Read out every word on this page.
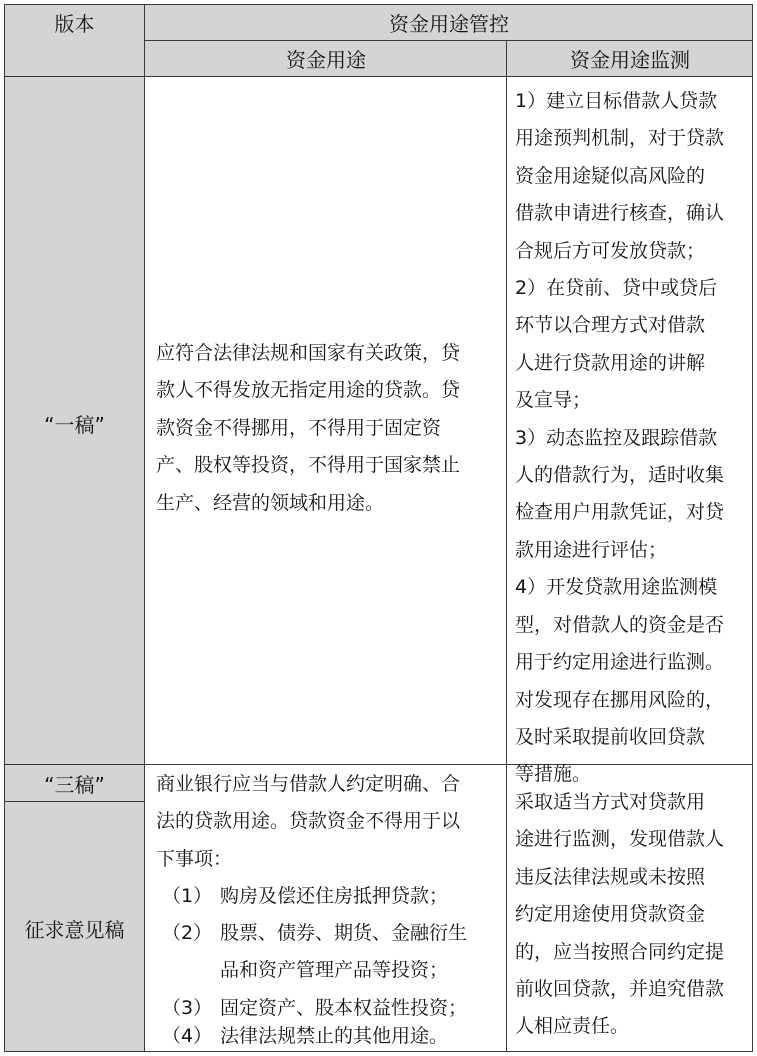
版本	资金用途管控
资金用途	资金用途监测
“一稿”
“三稿”
征求意见稿
应符合法律法规和国家有关政策，贷
款人不得发放无指定用途的贷款。贷
款资金不得挪用，不得用于固定资
产、股权等投资，不得用于国家禁止
生产、经营的领域和用途。
1）建立目标借款人贷款
用途预判机制，对于贷款
资金用途疑似高风险的
借款申请进行核查，确认
合规后方可发放贷款；
2）在贷前、贷中或贷后
环节以合理方式对借款
人进行贷款用途的讲解
及宣导；
3）动态监控及跟踪借款
人的借款行为，适时收集
检查用户用款凭证，对贷
款用途进行评估；
4）开发贷款用途监测模
型，对借款人的资金是否
用于约定用途进行监测。
对发现存在挪用风险的，
及时采取提前收回贷款
等措施。
商业银行应当与借款人约定明确、合
法的贷款用途。贷款资金不得用于以
下事项：
（1） 购房及偿还住房抵押贷款；
（2） 股票、债券、期货、金融衍生
品和资产管理产品等投资；
（3） 固定资产、股本权益性投资；
（4） 法律法规禁止的其他用途。
采取适当方式对贷款用
途进行监测，发现借款人
违反法律法规或未按照
约定用途使用贷款资金
的，应当按照合同约定提
前收回贷款，并追究借款
人相应责任。
